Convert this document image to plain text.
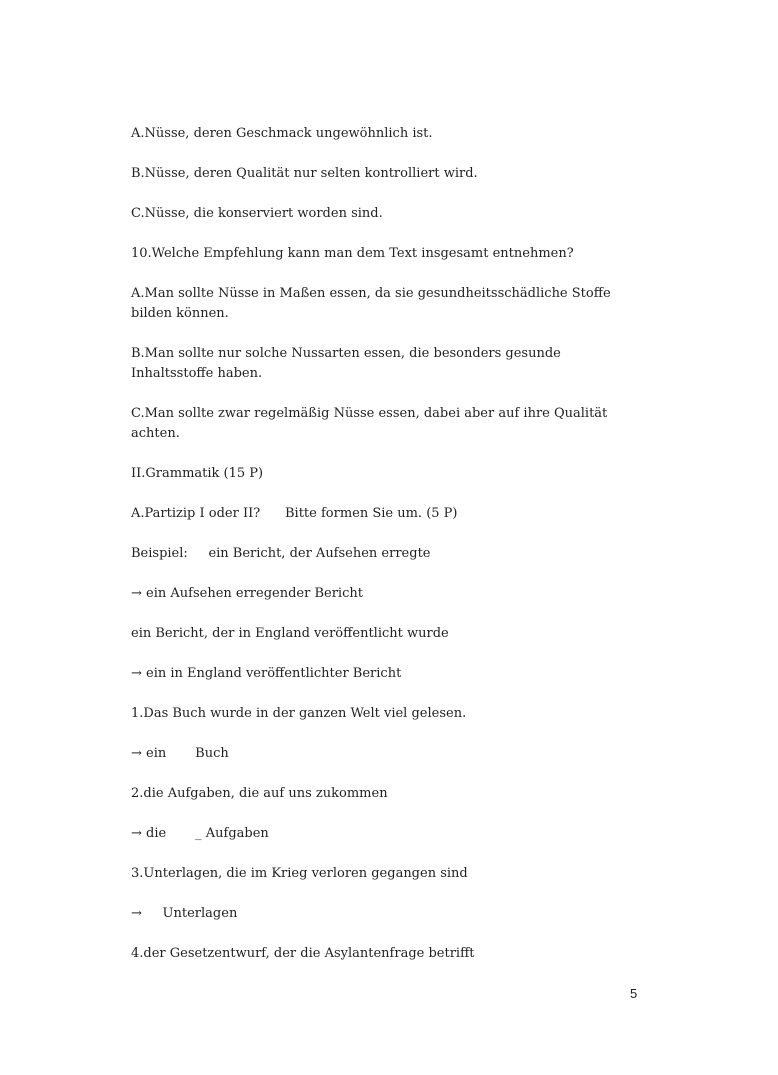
A.Nüsse, deren Geschmack ungewöhnlich ist.

B.Nüsse, deren Qualität nur selten kontrolliert wird.

C.Nüsse, die konserviert worden sind.

10.Welche Empfehlung kann man dem Text insgesamt entnehmen?

A.Man sollte Nüsse in Maßen essen, da sie gesundheitsschädliche Stoffe bilden können.

B.Man sollte nur solche Nussarten essen, die besonders gesunde Inhaltsstoffe haben.

C.Man sollte zwar regelmäßig Nüsse essen, dabei aber auf ihre Qualität achten.

II.Grammatik (15 P)

A.Partizip I oder II?      Bitte formen Sie um. (5 P)

Beispiel:     ein Bericht, der Aufsehen erregte

→ ein Aufsehen erregender Bericht

ein Bericht, der in England veröffentlicht wurde

→ ein in England veröffentlichter Bericht

1.Das Buch wurde in der ganzen Welt viel gelesen.

→ ein       Buch

2.die Aufgaben, die auf uns zukommen

→ die       _ Aufgaben

3.Unterlagen, die im Krieg verloren gegangen sind

→     Unterlagen

4.der Gesetzentwurf, der die Asylantenfrage betrifft

5
